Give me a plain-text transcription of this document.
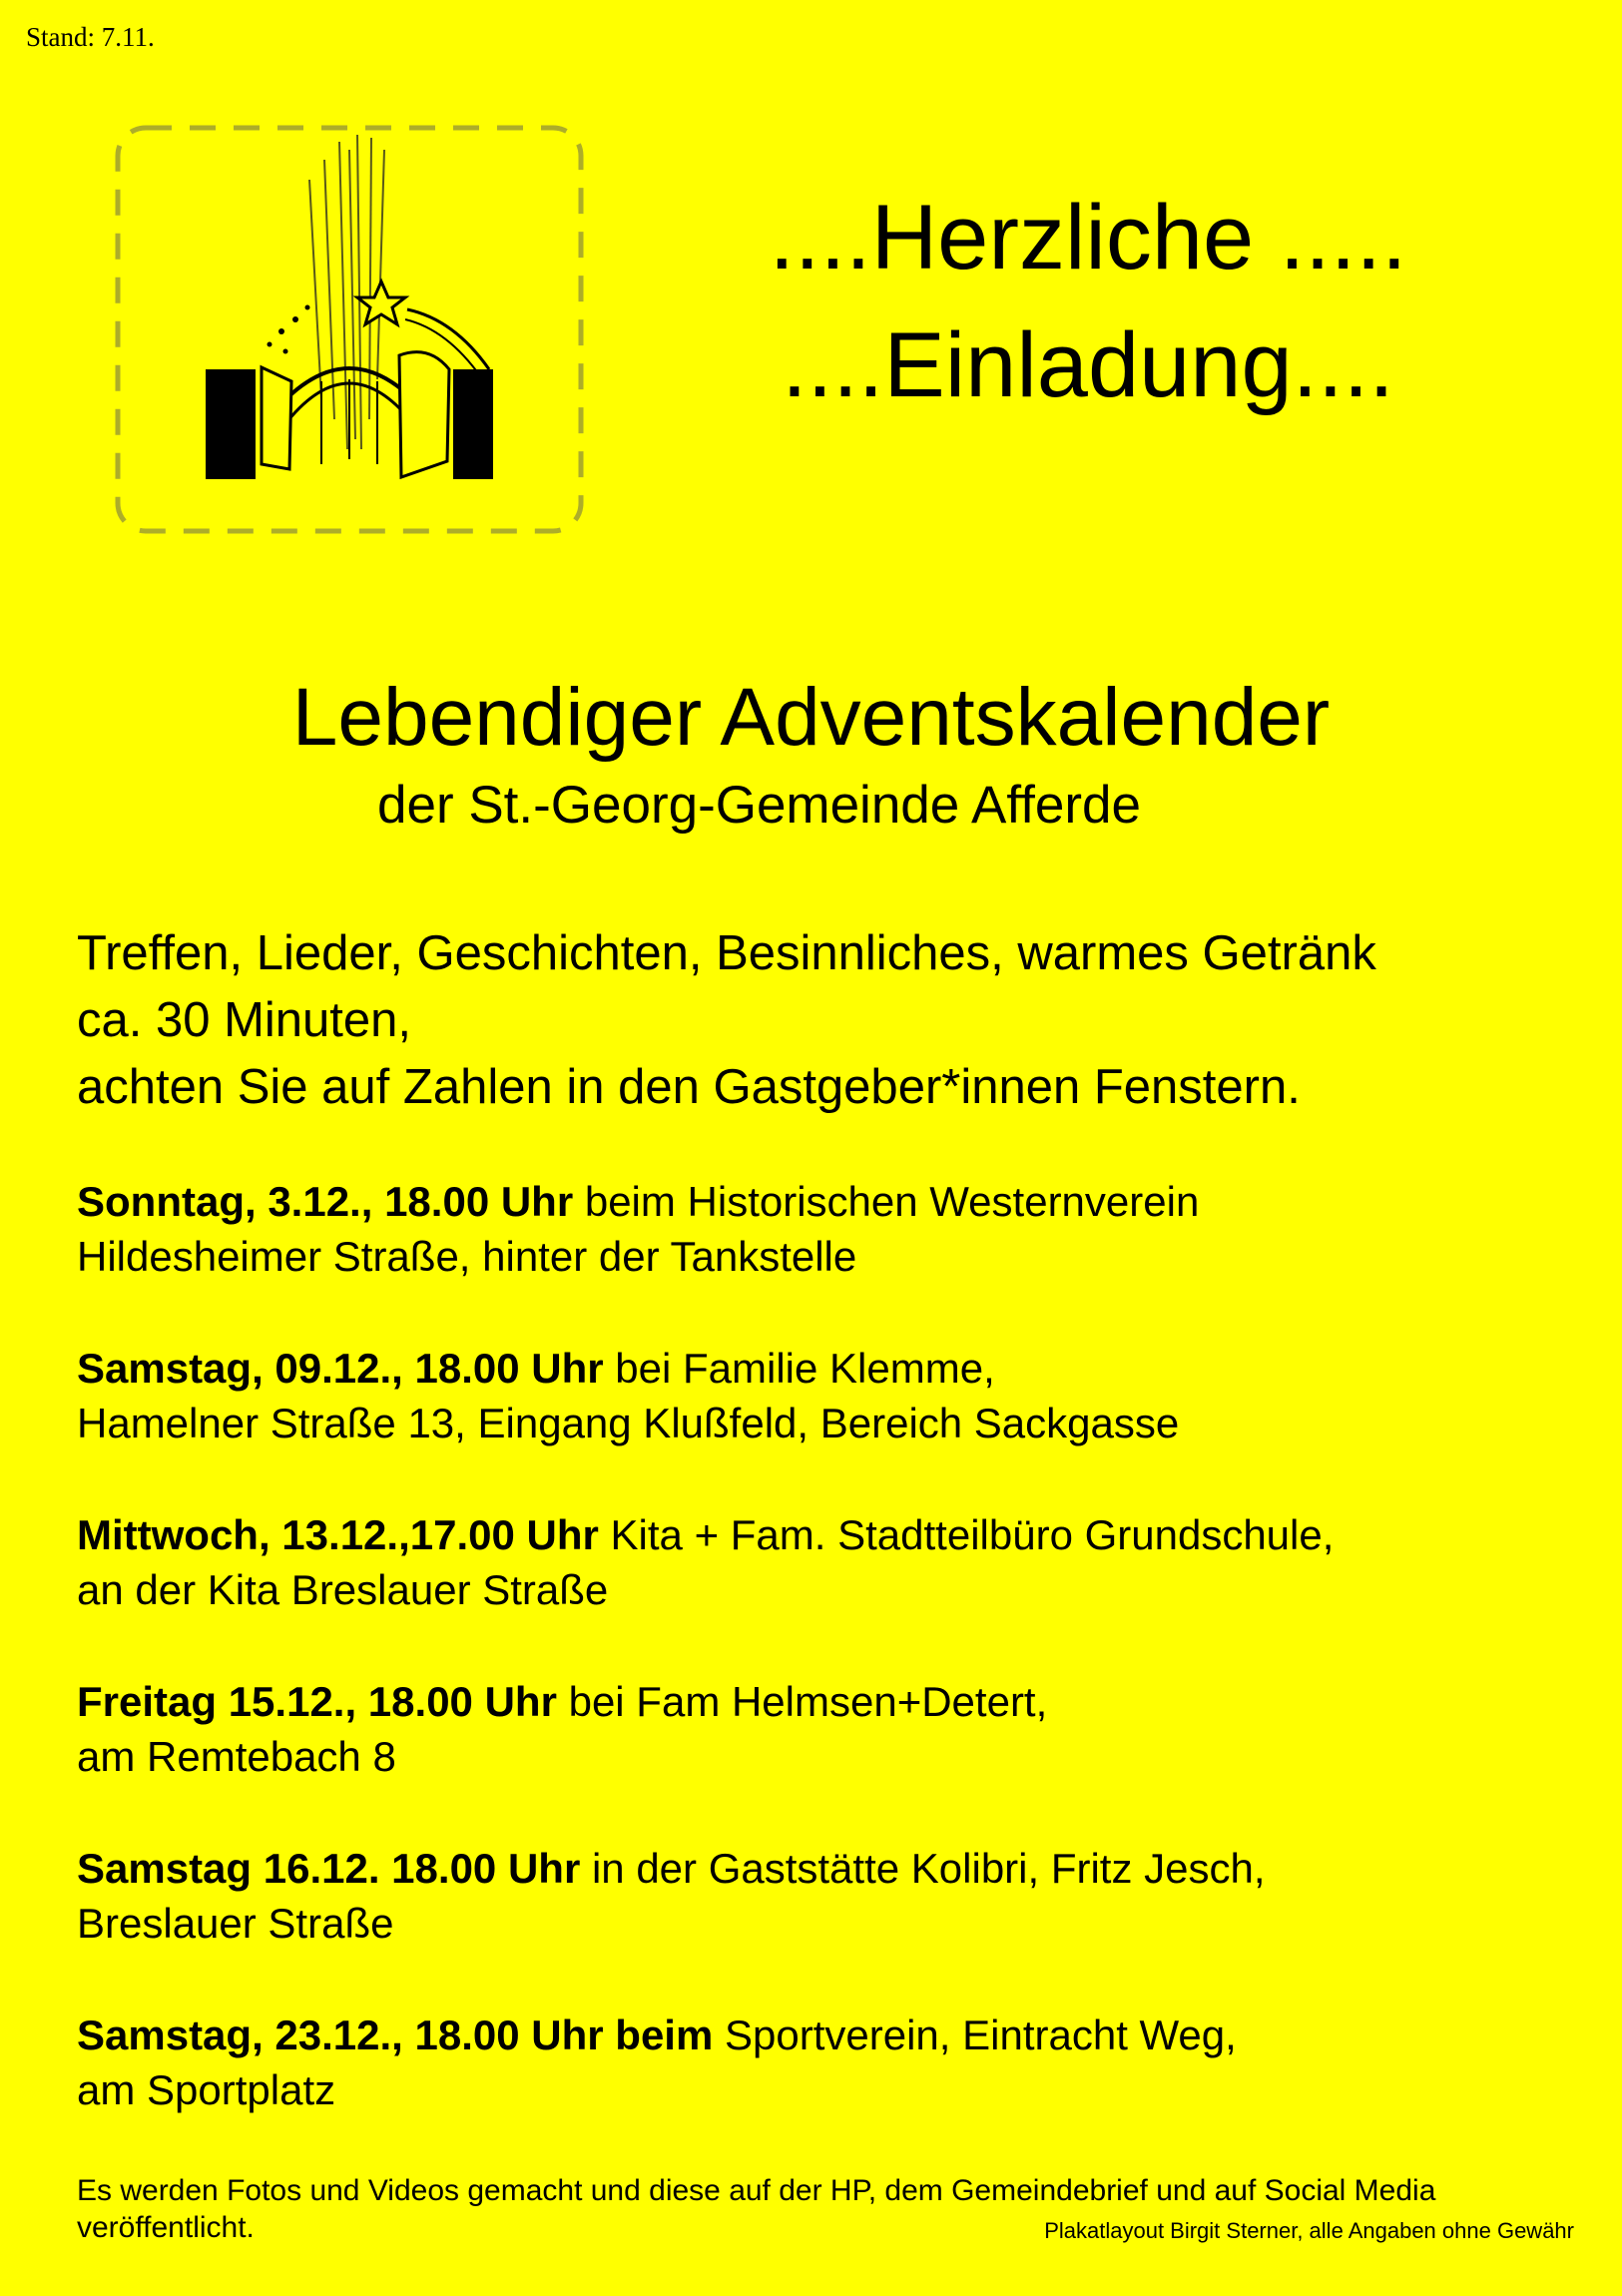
Stand: 7.11.
....Herzliche .....
....Einladung....
Lebendiger Adventskalender
der St.-Georg-Gemeinde Afferde
Treffen, Lieder, Geschichten, Besinnliches, warmes Getränk
ca. 30 Minuten,
achten Sie auf Zahlen in den Gastgeber*innen Fenstern.
Sonntag, 3.12., 18.00 Uhr beim Historischen Westernverein
Hildesheimer Straße, hinter der Tankstelle
Samstag, 09.12., 18.00 Uhr bei Familie Klemme,
Hamelner Straße 13, Eingang Klußfeld, Bereich Sackgasse
Mittwoch, 13.12.,17.00 Uhr Kita + Fam. Stadtteilbüro Grundschule,
an der Kita Breslauer Straße
Freitag 15.12., 18.00 Uhr bei Fam Helmsen+Detert,
am Remtebach 8
Samstag 16.12. 18.00 Uhr in der Gaststätte Kolibri, Fritz Jesch,
Breslauer Straße
Samstag, 23.12., 18.00 Uhr beim Sportverein, Eintracht Weg,
am Sportplatz
Es werden Fotos und Videos gemacht und diese auf der HP, dem Gemeindebrief und auf Social Media
veröffentlicht.	Plakatlayout Birgit Sterner, alle Angaben ohne Gewähr
